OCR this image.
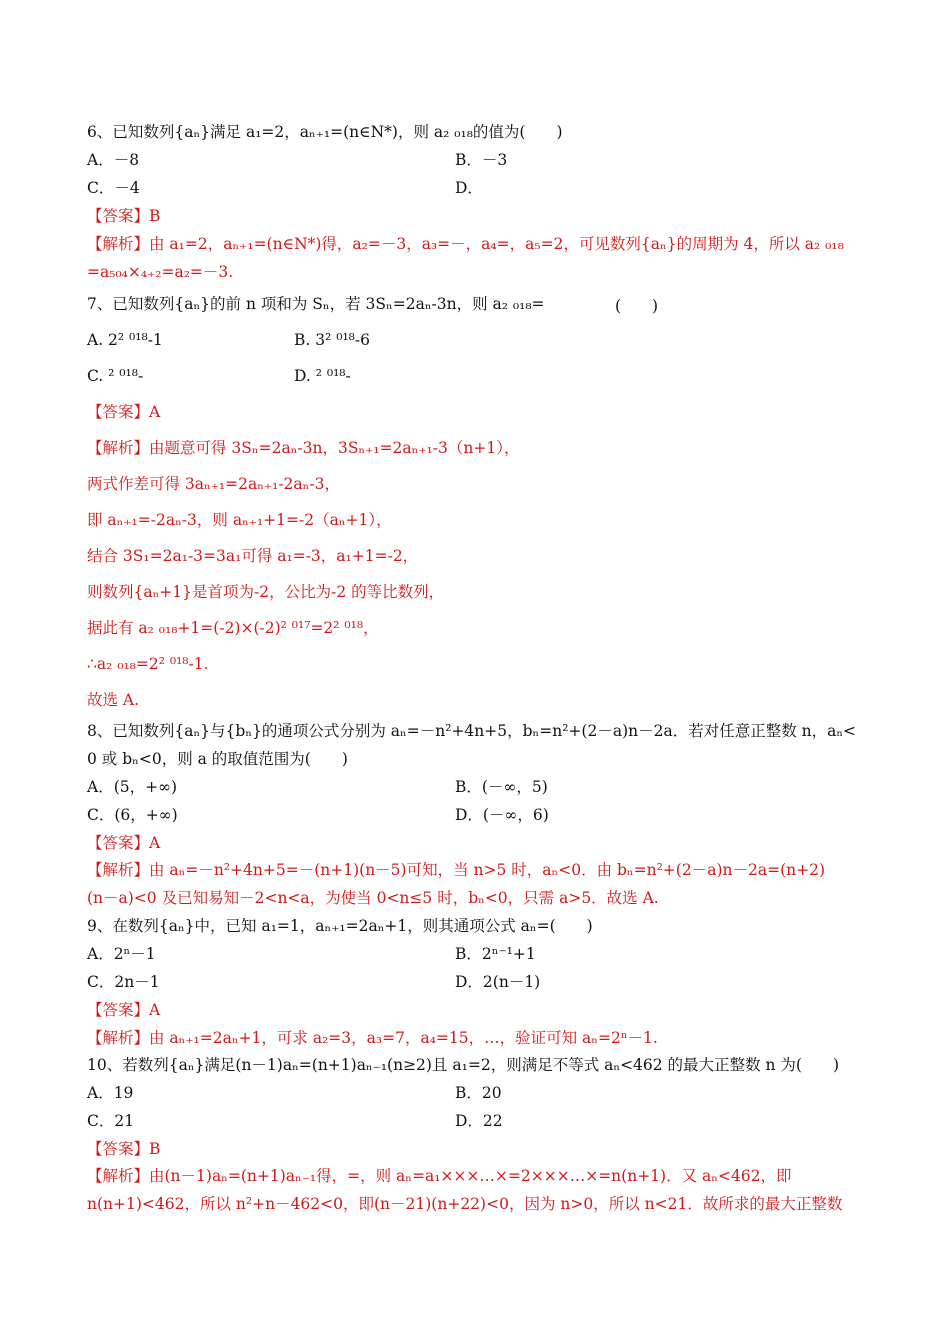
6、已知数列{aₙ}满足 a₁=2，aₙ₊₁=(n∈N*)，则 a₂ ₀₁₈的值为(　　)
A．－8	B．－3
C．－4	D．
【答案】B
【解析】由 a₁=2，aₙ₊₁=(n∈N*)得，a₂=－3，a₃=－，a₄=，a₅=2，可见数列{aₙ}的周期为 4，所以 a₂ ₀₁₈
=a₅₀₄×₄₊₂=a₂=－3.
7、已知数列{aₙ}的前 n 项和为 Sₙ，若 3Sₙ=2aₙ-3n，则 a₂ ₀₁₈=	(　　)
A. 2² ⁰¹⁸-1	B. 3² ⁰¹⁸-6
C. ² ⁰¹⁸-	D. ² ⁰¹⁸-
【答案】A
【解析】由题意可得 3Sₙ=2aₙ-3n，3Sₙ₊₁=2aₙ₊₁-3（n+1），
两式作差可得 3aₙ₊₁=2aₙ₊₁-2aₙ-3，
即 aₙ₊₁=-2aₙ-3，则 aₙ₊₁+1=-2（aₙ+1），
结合 3S₁=2a₁-3=3a₁可得 a₁=-3，a₁+1=-2，
则数列{aₙ+1}是首项为-2，公比为-2 的等比数列，
据此有 a₂ ₀₁₈+1=(-2)×(-2)² ⁰¹⁷=2² ⁰¹⁸，
∴a₂ ₀₁₈=2² ⁰¹⁸-1.
故选 A.
8、已知数列{aₙ}与{bₙ}的通项公式分别为 aₙ=－n²+4n+5，bₙ=n²+(2－a)n－2a．若对任意正整数 n，aₙ<
0 或 bₙ<0，则 a 的取值范围为(　　)
A．(5，+∞)	B．(－∞，5)
C．(6，+∞)	D．(－∞，6)
【答案】A
【解析】由 aₙ=－n²+4n+5=－(n+1)(n－5)可知，当 n>5 时，aₙ<0．由 bₙ=n²+(2－a)n－2a=(n+2)
(n－a)<0 及已知易知－2<n<a，为使当 0<n≤5 时，bₙ<0，只需 a>5．故选 A.
9、在数列{aₙ}中，已知 a₁=1，aₙ₊₁=2aₙ+1，则其通项公式 aₙ=(　　)
A．2ⁿ－1	B．2ⁿ⁻¹+1
C．2n－1	D．2(n－1)
【答案】A
【解析】由 aₙ₊₁=2aₙ+1，可求 a₂=3，a₃=7，a₄=15，…，验证可知 aₙ=2ⁿ－1.
10、若数列{aₙ}满足(n－1)aₙ=(n+1)aₙ₋₁(n≥2)且 a₁=2，则满足不等式 aₙ<462 的最大正整数 n 为(　　)
A．19	B．20
C．21	D．22
【答案】B
【解析】由(n－1)aₙ=(n+1)aₙ₋₁得，=，则 aₙ=a₁×××…×=2×××…×=n(n+1)．又 aₙ<462，即
n(n+1)<462，所以 n²+n－462<0，即(n－21)(n+22)<0，因为 n>0，所以 n<21．故所求的最大正整数
